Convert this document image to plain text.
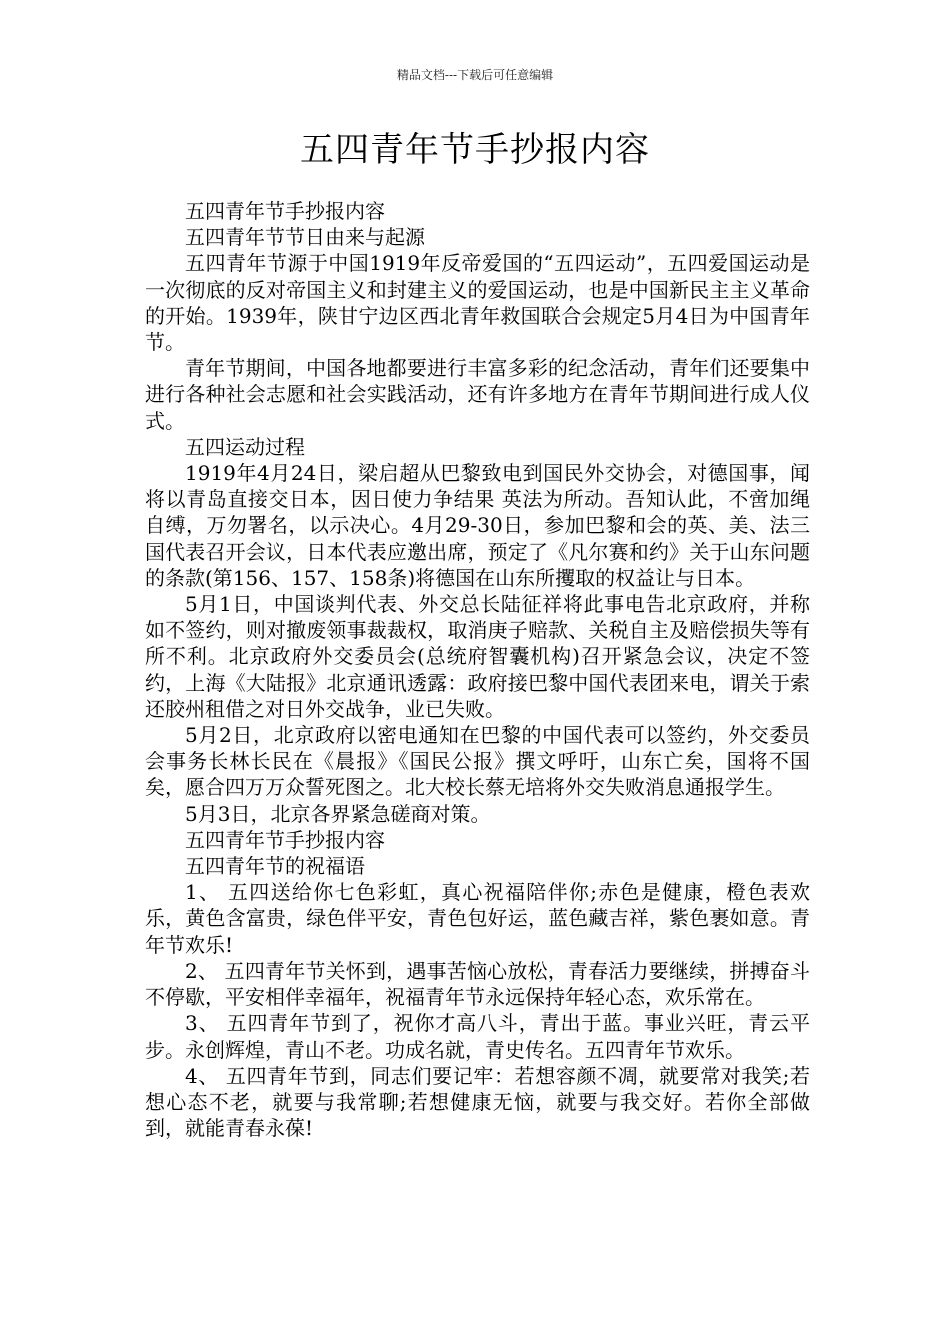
精品文档---下载后可任意编辑
五四青年节手抄报内容

五四青年节手抄报内容

五四青年节节日由来与起源

五四青年节源于中国1919年反帝爱国的“五四运动”，五四爱国运动是一次彻底的反对帝国主义和封建主义的爱国运动，也是中国新民主主义革命的开始。1939年，陕甘宁边区西北青年救国联合会规定5月4日为中国青年节。

青年节期间，中国各地都要进行丰富多彩的纪念活动，青年们还要集中进行各种社会志愿和社会实践活动，还有许多地方在青年节期间进行成人仪式。

五四运动过程

1919年4月24日，梁启超从巴黎致电到国民外交协会，对德国事，闻将以青岛直接交日本，因日使力争结果 英法为所动。吾知认此，不啻加绳自缚，万勿署名，以示决心。4月29-30日，参加巴黎和会的英、美、法三国代表召开会议，日本代表应邀出席，预定了《凡尔赛和约》关于山东问题的条款(第156、157、158条)将德国在山东所攫取的权益让与日本。

5月1日，中国谈判代表、外交总长陆征祥将此事电告北京政府，并称如不签约，则对撤废领事裁裁权，取消庚子赔款、关税自主及赔偿损失等有所不利。北京政府外交委员会(总统府智囊机构)召开紧急会议，决定不签约，上海《大陆报》北京通讯透露：政府接巴黎中国代表团来电，谓关于索还胶州租借之对日外交战争，业已失败。

5月2日，北京政府以密电通知在巴黎的中国代表可以签约，外交委员会事务长林长民在《晨报》《国民公报》撰文呼吁，山东亡矣，国将不国矣，愿合四万万众誓死图之。北大校长蔡无培将外交失败消息通报学生。

5月3日，北京各界紧急磋商对策。

五四青年节手抄报内容

五四青年节的祝福语

1、 五四送给你七色彩虹，真心祝福陪伴你;赤色是健康，橙色表欢乐，黄色含富贵，绿色伴平安，青色包好运，蓝色藏吉祥，紫色裹如意。青年节欢乐!

2、 五四青年节关怀到，遇事苦恼心放松，青春活力要继续，拼搏奋斗不停歇，平安相伴幸福年，祝福青年节永远保持年轻心态，欢乐常在。

3、 五四青年节到了，祝你才高八斗，青出于蓝。事业兴旺，青云平步。永创辉煌，青山不老。功成名就，青史传名。五四青年节欢乐。

4、 五四青年节到，同志们要记牢：若想容颜不凋，就要常对我笑;若想心态不老，就要与我常聊;若想健康无恼，就要与我交好。若你全部做到，就能青春永葆!
